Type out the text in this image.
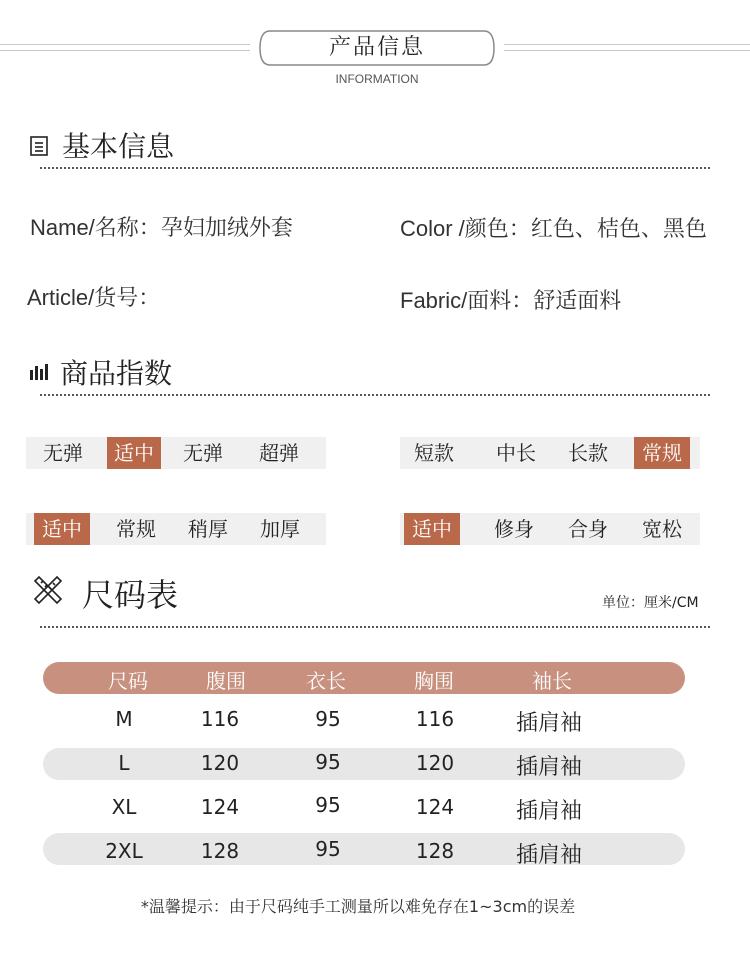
产品信息
INFORMATION
基本信息
Name/名称：孕妇加绒外套	Color /颜色：红色、桔色、黑色
Article/货号：	Fabric/面料：舒适面料
商品指数
无弹	适中	无弹	超弹	短款	中长	长款	常规
适中	常规	稍厚	加厚	适中	修身	合身	宽松
尺码表	单位：厘米/CM
尺码	腹围	衣长	胸围	袖长
M	116	95	116	插肩袖
L	120	95	120	插肩袖
XL	124	95	124	插肩袖
2XL	128	95	128	插肩袖
*温馨提示：由于尺码纯手工测量所以难免存在1~3cm的误差
